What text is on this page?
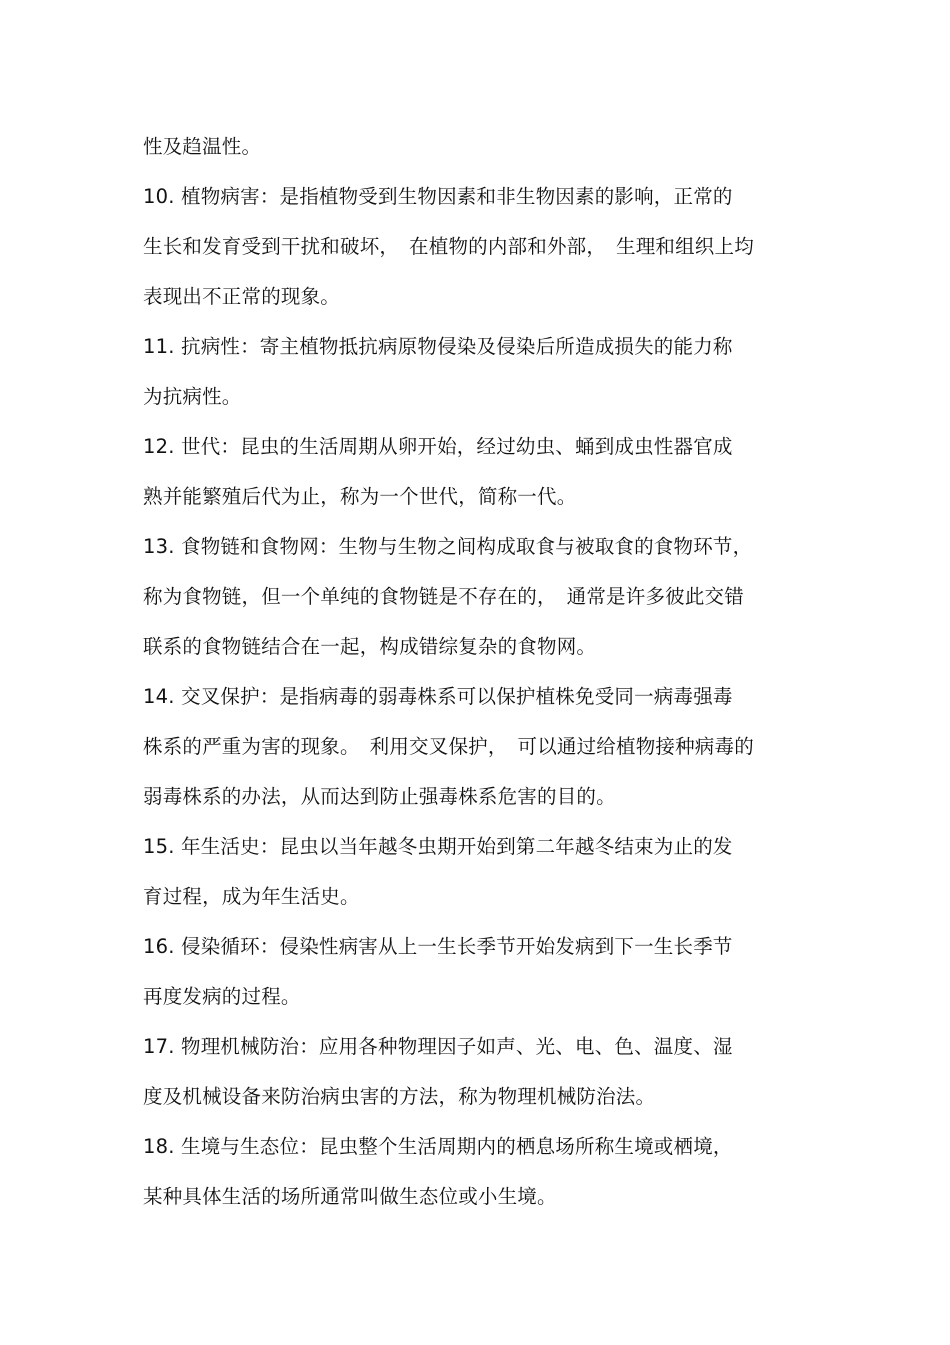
性及趋温性。
10. 植物病害：是指植物受到生物因素和非生物因素的影响，正常的
生长和发育受到干扰和破坏，　在植物的内部和外部，　生理和组织上均
表现出不正常的现象。
11. 抗病性：寄主植物抵抗病原物侵染及侵染后所造成损失的能力称
为抗病性。
12. 世代：昆虫的生活周期从卵开始，经过幼虫、蛹到成虫性器官成
熟并能繁殖后代为止，称为一个世代，简称一代。
13. 食物链和食物网：生物与生物之间构成取食与被取食的食物环节，
称为食物链，但一个单纯的食物链是不存在的，　通常是许多彼此交错
联系的食物链结合在一起，构成错综复杂的食物网。
14. 交叉保护：是指病毒的弱毒株系可以保护植株免受同一病毒强毒
株系的严重为害的现象。　利用交叉保护，　可以通过给植物接种病毒的
弱毒株系的办法，从而达到防止强毒株系危害的目的。
15. 年生活史：昆虫以当年越冬虫期开始到第二年越冬结束为止的发
育过程，成为年生活史。
16. 侵染循环：侵染性病害从上一生长季节开始发病到下一生长季节
再度发病的过程。
17. 物理机械防治：应用各种物理因子如声、光、电、色、温度、湿
度及机械设备来防治病虫害的方法，称为物理机械防治法。
18. 生境与生态位：昆虫整个生活周期内的栖息场所称生境或栖境，
某种具体生活的场所通常叫做生态位或小生境。
